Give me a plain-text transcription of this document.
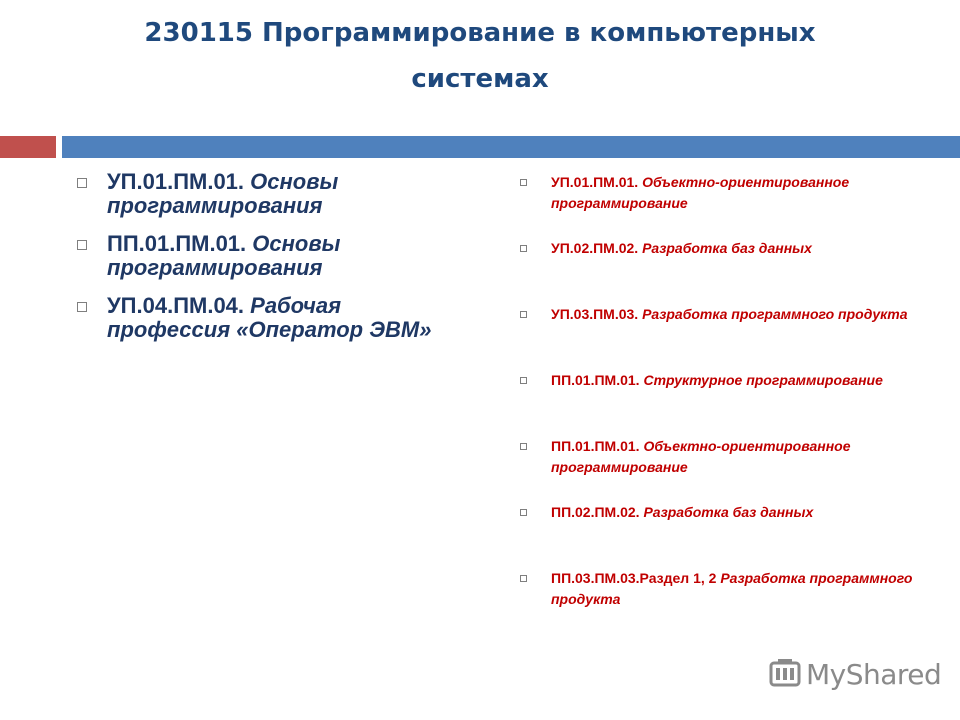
230115 Программирование в компьютерных системах
УП.01.ПМ.01. Основы программирования
ПП.01.ПМ.01. Основы программирования
УП.04.ПМ.04. Рабочая профессия «Оператор ЭВМ»
УП.01.ПМ.01. Объектно-ориентированное программирование
УП.02.ПМ.02. Разработка баз данных
УП.03.ПМ.03. Разработка программного продукта
ПП.01.ПМ.01. Структурное программирование
ПП.01.ПМ.01. Объектно-ориентированное программирование
ПП.02.ПМ.02. Разработка баз данных
ПП.03.ПМ.03.Раздел 1, 2 Разработка программного продукта
MyShared
